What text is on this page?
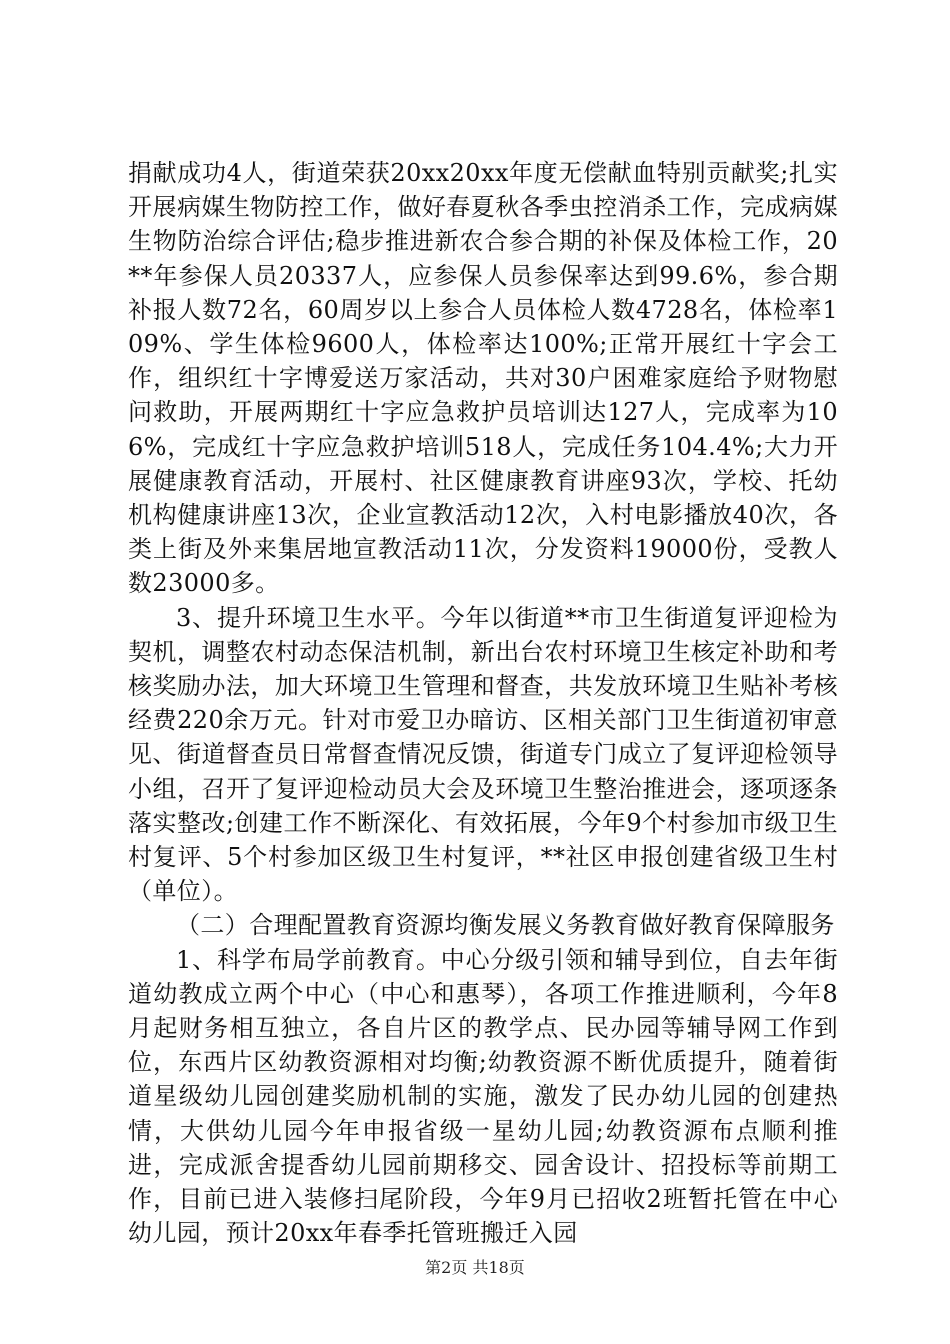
捐献成功4人，街道荣获20xx20xx年度无偿献血特别贡献奖;扎实开展病媒生物防控工作，做好春夏秋各季虫控消杀工作，完成病媒生物防治综合评估;稳步推进新农合参合期的补保及体检工作，20**年参保人员20337人，应参保人员参保率达到99.6%，参合期补报人数72名，60周岁以上参合人员体检人数4728名，体检率109%、学生体检9600人，体检率达100%;正常开展红十字会工作，组织红十字博爱送万家活动，共对30户困难家庭给予财物慰问救助，开展两期红十字应急救护员培训达127人，完成率为106%，完成红十字应急救护培训518人，完成任务104.4%;大力开展健康教育活动，开展村、社区健康教育讲座93次，学校、托幼机构健康讲座13次，企业宣教活动12次，入村电影播放40次，各类上街及外来集居地宣教活动11次，分发资料19000份，受教人数23000多。

3、提升环境卫生水平。今年以街道**市卫生街道复评迎检为契机，调整农村动态保洁机制，新出台农村环境卫生核定补助和考核奖励办法，加大环境卫生管理和督查，共发放环境卫生贴补考核经费220余万元。针对市爱卫办暗访、区相关部门卫生街道初审意见、街道督查员日常督查情况反馈，街道专门成立了复评迎检领导小组，召开了复评迎检动员大会及环境卫生整治推进会，逐项逐条落实整改;创建工作不断深化、有效拓展，今年9个村参加市级卫生村复评、5个村参加区级卫生村复评，**社区申报创建省级卫生村（单位）。

（二）合理配置教育资源均衡发展义务教育做好教育保障服务

1、科学布局学前教育。中心分级引领和辅导到位，自去年街道幼教成立两个中心（中心和惠琴），各项工作推进顺利，今年8月起财务相互独立，各自片区的教学点、民办园等辅导网工作到位，东西片区幼教资源相对均衡;幼教资源不断优质提升，随着街道星级幼儿园创建奖励机制的实施，激发了民办幼儿园的创建热情，大供幼儿园今年申报省级一星幼儿园;幼教资源布点顺利推进，完成派舍提香幼儿园前期移交、园舍设计、招投标等前期工作，目前已进入装修扫尾阶段，今年9月已招收2班暂托管在中心幼儿园，预计20xx年春季托管班搬迁入园

第2页 共18页
